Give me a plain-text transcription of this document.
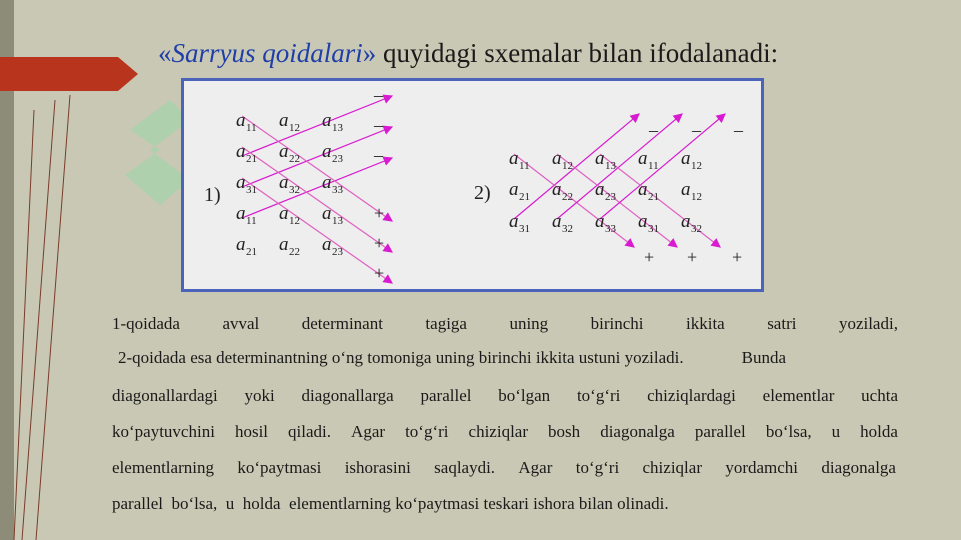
«Sarryus qoidalari» quyidagi sxemalar bilan ifodalanadi:
1)
a 11 a 12 a 13
a 21 a 22 a 23
a 31 a 32 a 33
a 11 a 12 a 13
a 21 a 22 a 23
–
–
–
+
+
+
2)
a 11 a 12 a 13 a 11 a 12
a 21 a 22 a 23 a 21 a 12
a 31 a 32 a 33 a 31 a 32
– – –
+ + +
1-qoidada avval determinant tagiga uning birinchi ikkita satri yoziladi,
2-qoidada esa determinantning o‘ng tomoniga uning birinchi ikkita ustuni yoziladi.	Bunda
diagonallardagi yoki diagonallarga parallel bo‘lgan to‘g‘ri chiziqlardagi elementlar uchta
ko‘paytuvchini hosil qiladi. Agar to‘g‘ri chiziqlar bosh diagonalga parallel bo‘lsa, u holda
elementlarning ko‘paytmasi ishorasini saqlaydi. Agar to‘g‘ri chiziqlar yordamchi diagonalga
parallel  bo‘lsa,  u  holda  elementlarning ko‘paytmasi teskari ishora bilan olinadi.
